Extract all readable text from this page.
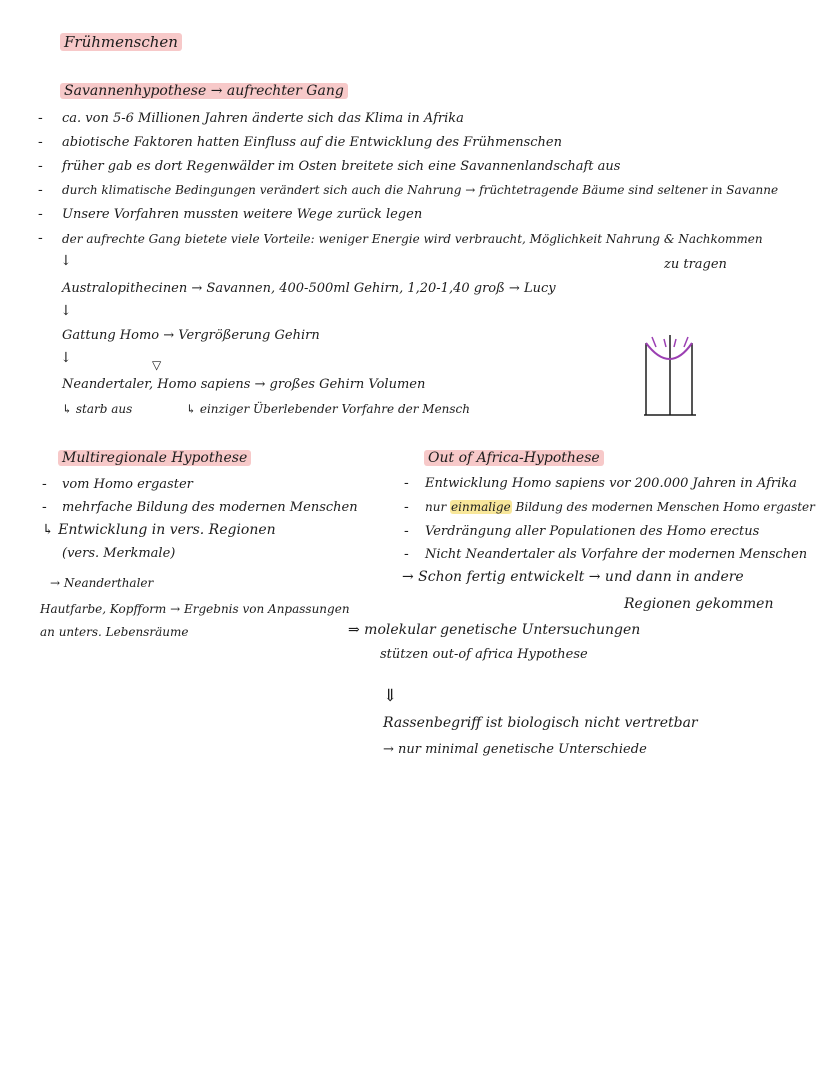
Frühmenschen
Savannenhypothese → aufrechter Gang
- ca. von 5-6 Millionen Jahren änderte sich das Klima in Afrika
- abiotische Faktoren hatten Einfluss auf die Entwicklung des Frühmenschen
- früher gab es dort Regenwälder im Osten breitete sich eine Savannenlandschaft aus
- durch klimatische Bedingungen verändert sich auch die Nahrung → früchtetragende Bäume sind seltener in Savanne
- Unsere Vorfahren mussten weitere Wege zurück legen
- der aufrechte Gang bietete viele Vorteile: weniger Energie wird verbraucht, Möglichkeit Nahrung & Nachkommen
zu tragen
↓
Australopithecinen → Savannen, 400-500ml Gehirn, 1,20-1,40 groß → Lucy
↓
Gattung Homo → Vergrößerung Gehirn
↓	▽
Neandertaler, Homo sapiens → großes Gehirn Volumen
↳ starb aus	↳ einziger Überlebender Vorfahre der Mensch
Multiregionale Hypothese
- vom Homo ergaster
- mehrfache Bildung des modernen Menschen
↳ Entwicklung in vers. Regionen
(vers. Merkmale)
→ Neanderthaler
Hautfarbe, Kopfform → Ergebnis von Anpassungen
an unters. Lebensräume
Out of Africa-Hypothese
- Entwicklung Homo sapiens vor 200.000 Jahren in Afrika
- nur einmalige Bildung des modernen Menschen Homo ergaster
- Verdrängung aller Populationen des Homo erectus
- Nicht Neandertaler als Vorfahre der modernen Menschen
→ Schon fertig entwickelt → und dann in andere
Regionen gekommen
⇒ molekular genetische Untersuchungen
stützen out-of africa Hypothese
⇓
Rassenbegriff ist biologisch nicht vertretbar
→ nur minimal genetische Unterschiede
